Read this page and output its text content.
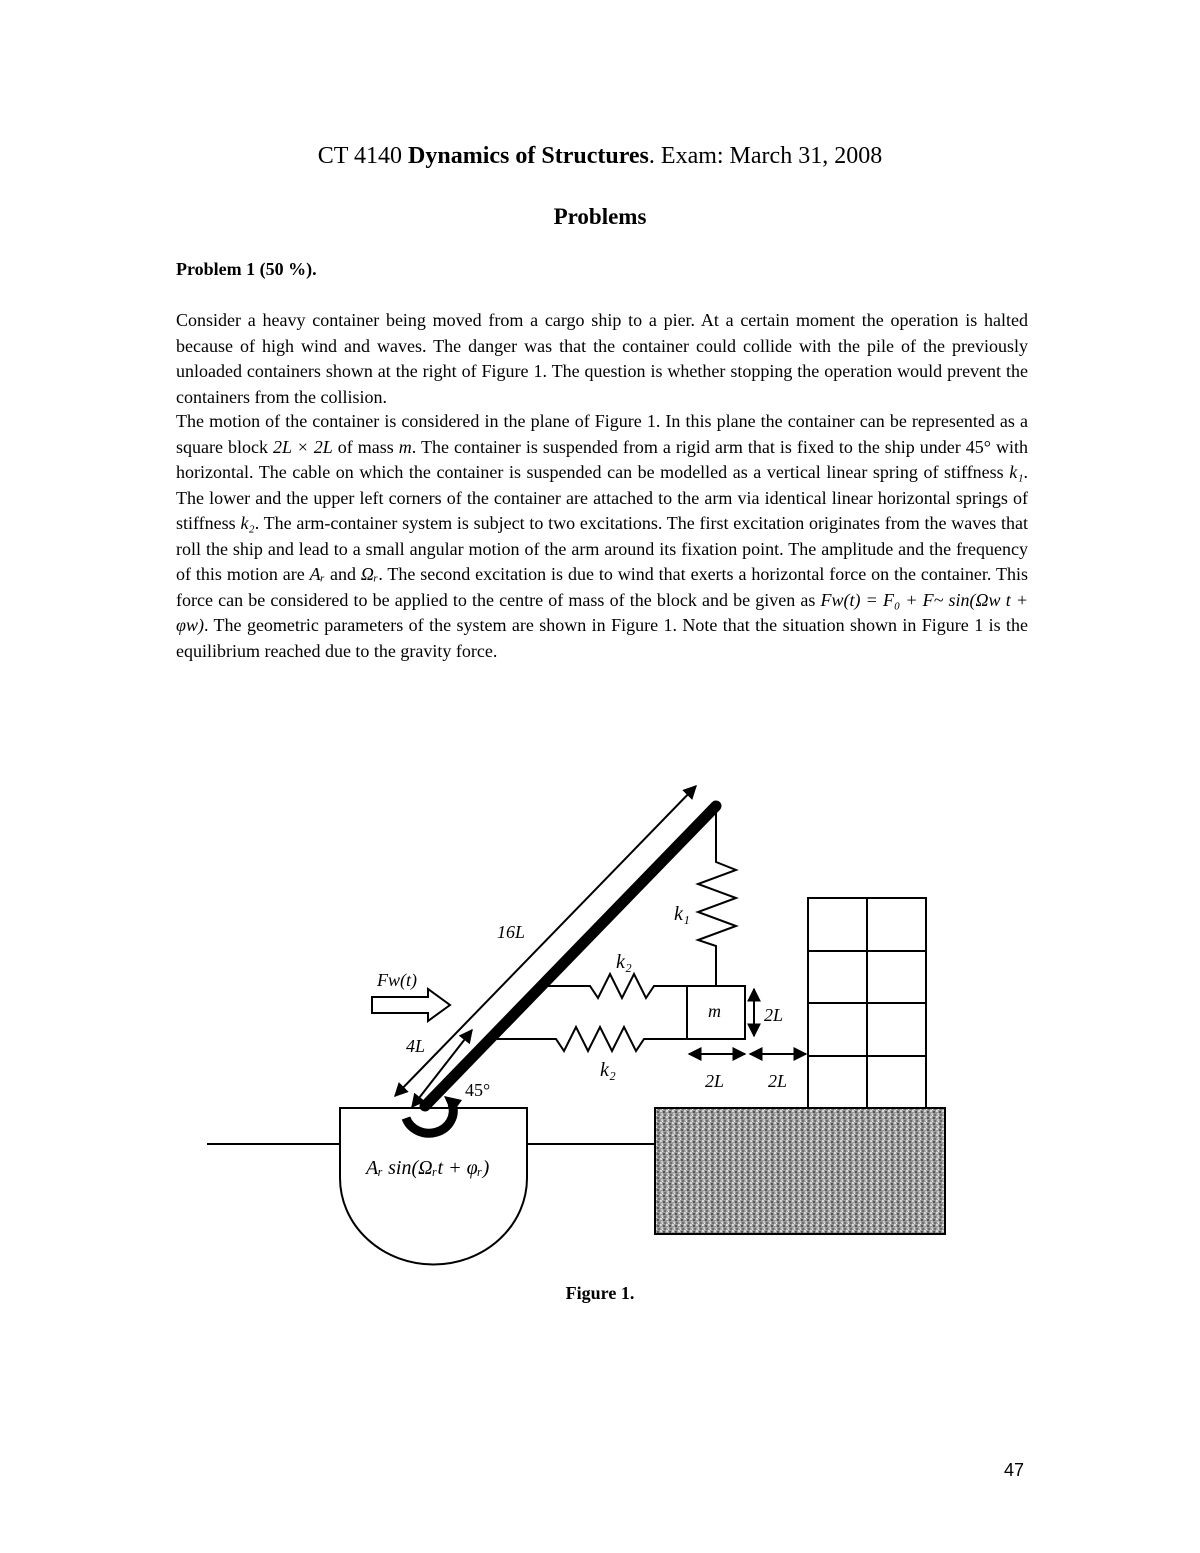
CT 4140 Dynamics of Structures. Exam: March 31, 2008
Problems
Problem 1 (50 %).
Consider a heavy container being moved from a cargo ship to a pier. At a certain moment the operation is halted because of high wind and waves. The danger was that the container could collide with the pile of the previously unloaded containers shown at the right of Figure 1. The question is whether stopping the operation would prevent the containers from the collision.
The motion of the container is considered in the plane of Figure 1. In this plane the container can be represented as a square block 2L × 2L of mass m. The container is suspended from a rigid arm that is fixed to the ship under 45° with horizontal. The cable on which the container is suspended can be modelled as a vertical linear spring of stiffness k₁. The lower and the upper left corners of the container are attached to the arm via identical linear horizontal springs of stiffness k₂. The arm-container system is subject to two excitations. The first excitation originates from the waves that roll the ship and lead to a small angular motion of the arm around its fixation point. The amplitude and the frequency of this motion are Aᵣ and Ωᵣ. The second excitation is due to wind that exerts a horizontal force on the container. This force can be considered to be applied to the centre of mass of the block and be given as Fw(t) = F₀ + F~ sin(Ωw t + φw). The geometric parameters of the system are shown in Figure 1. Note that the situation shown in Figure 1 is the equilibrium reached due to the gravity force.
16L
4L
45°
k₁
k₂
k₂
m 2L
2L 2L
Fw(t)
Aᵣ sin(Ωᵣt + φᵣ)
Figure 1.
47
